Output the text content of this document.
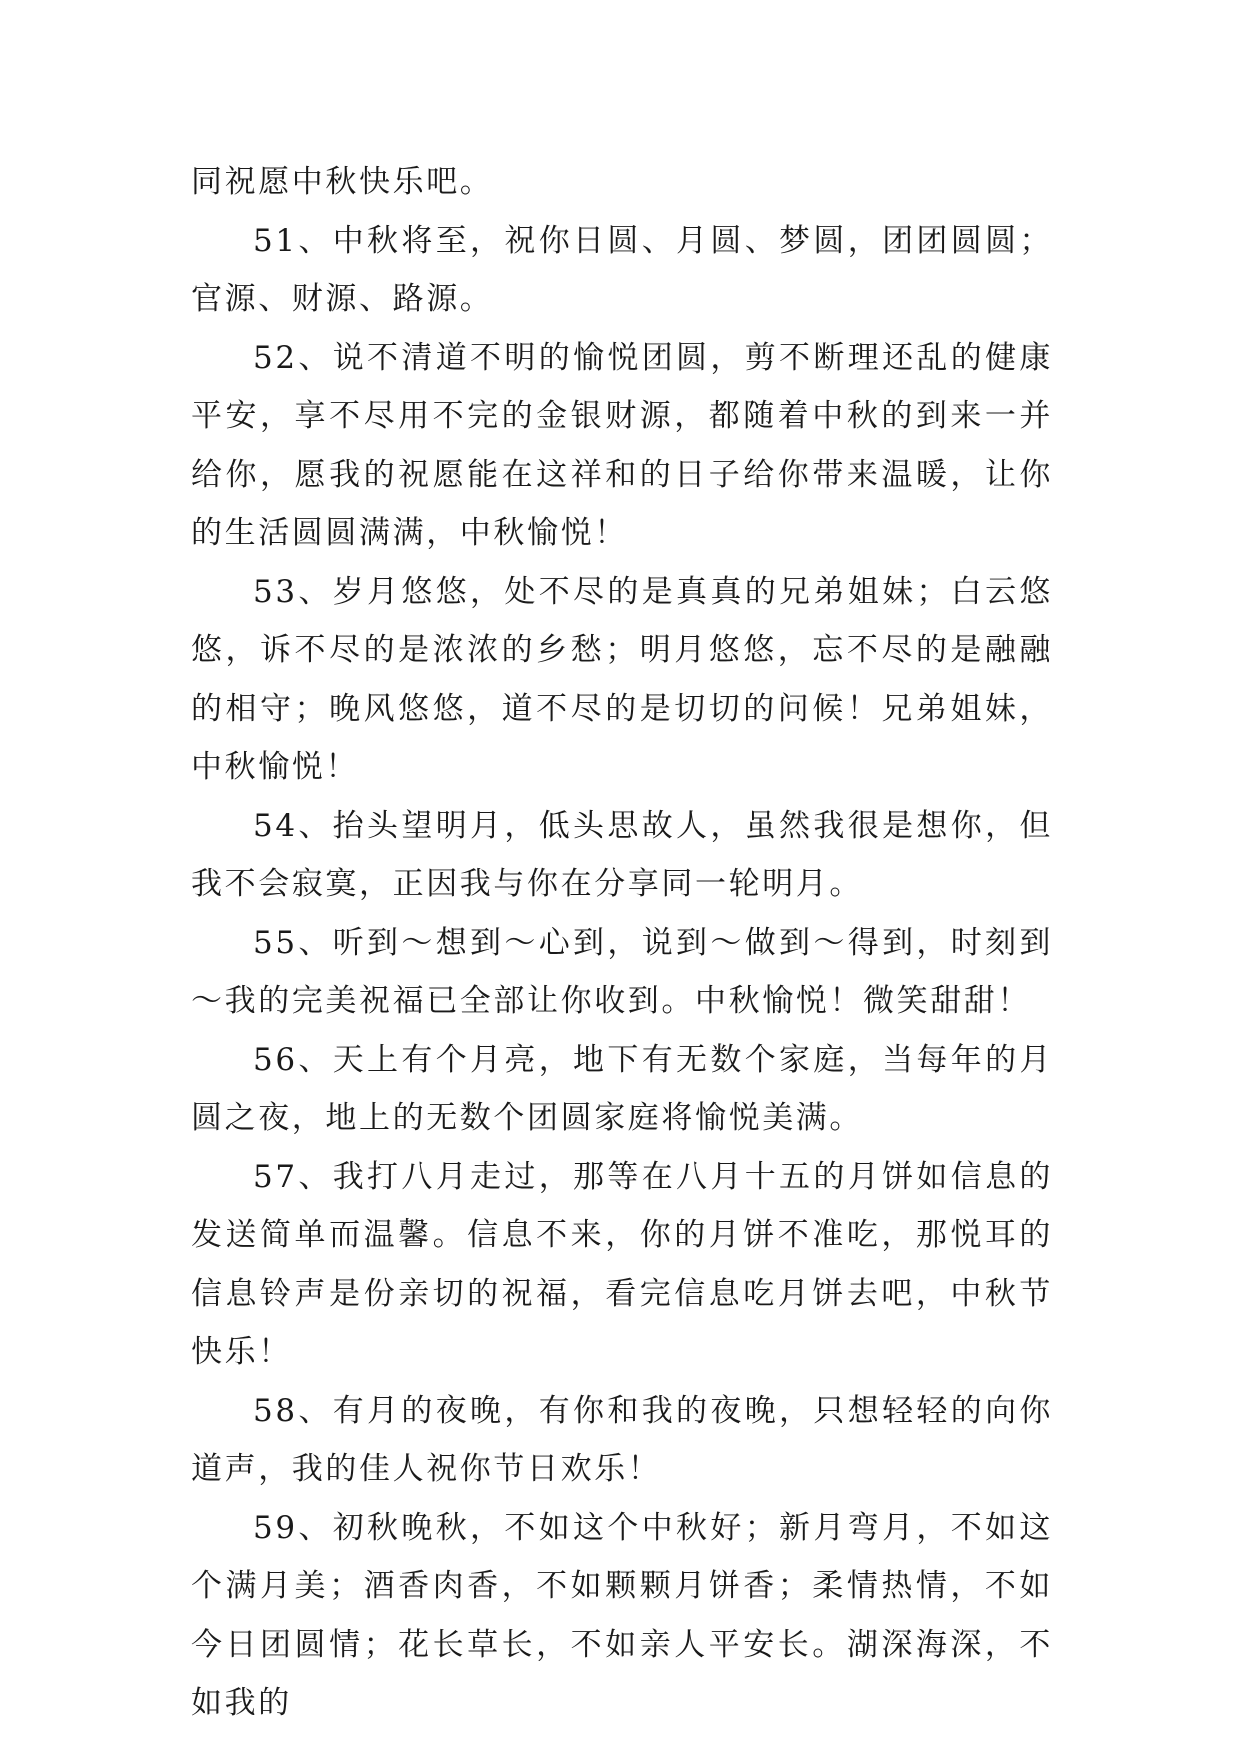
同祝愿中秋快乐吧。

51、中秋将至，祝你日圆、月圆、梦圆，团团圆圆；官源、财源、路源。

52、说不清道不明的愉悦团圆，剪不断理还乱的健康平安，享不尽用不完的金银财源，都随着中秋的到来一并给你，愿我的祝愿能在这祥和的日子给你带来温暖，让你的生活圆圆满满，中秋愉悦！

53、岁月悠悠，处不尽的是真真的兄弟姐妹；白云悠悠，诉不尽的是浓浓的乡愁；明月悠悠，忘不尽的是融融的相守；晚风悠悠，道不尽的是切切的问候！兄弟姐妹，中秋愉悦！

54、抬头望明月，低头思故人，虽然我很是想你，但我不会寂寞，正因我与你在分享同一轮明月。

55、听到～想到～心到，说到～做到～得到，时刻到～我的完美祝福已全部让你收到。中秋愉悦！微笑甜甜！

56、天上有个月亮，地下有无数个家庭，当每年的月圆之夜，地上的无数个团圆家庭将愉悦美满。

57、我打八月走过，那等在八月十五的月饼如信息的发送简单而温馨。信息不来，你的月饼不准吃，那悦耳的信息铃声是份亲切的祝福，看完信息吃月饼去吧，中秋节快乐！

58、有月的夜晚，有你和我的夜晚，只想轻轻的向你道声，我的佳人祝你节日欢乐！

59、初秋晚秋，不如这个中秋好；新月弯月，不如这个满月美；酒香肉香，不如颗颗月饼香；柔情热情，不如今日团圆情；花长草长，不如亲人平安长。湖深海深，不如我的
